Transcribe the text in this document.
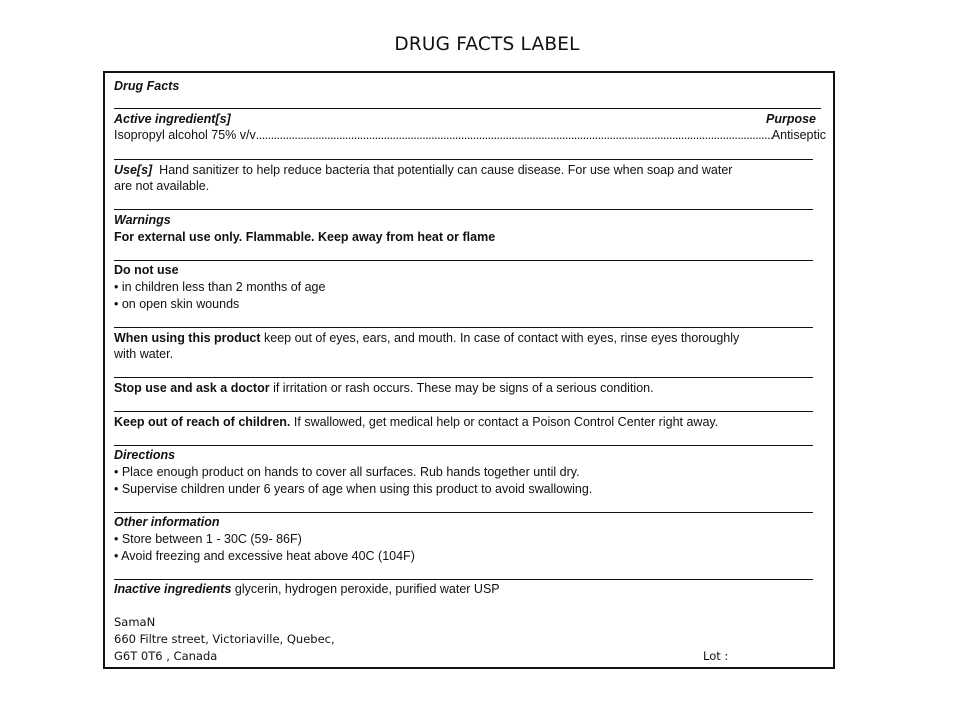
DRUG FACTS LABEL
Drug Facts
Active ingredient[s]	Purpose
Isopropyl alcohol 75% v/v
.....	Antiseptic
Use[s] Hand sanitizer to help reduce bacteria that potentially can cause disease. For use when soap and water
are not available.
Warnings
For external use only. Flammable. Keep away from heat or flame
Do not use
• in children less than 2 months of age
• on open skin wounds
When using this product keep out of eyes, ears, and mouth. In case of contact with eyes, rinse eyes thoroughly
with water.
Stop use and ask a doctor if irritation or rash occurs. These may be signs of a serious condition.
Keep out of reach of children. If swallowed, get medical help or contact a Poison Control Center right away.
Directions
• Place enough product on hands to cover all surfaces. Rub hands together until dry.
• Supervise children under 6 years of age when using this product to avoid swallowing.
Other information
• Store between 1 - 30C (59- 86F)
• Avoid freezing and excessive heat above 40C (104F)
Inactive ingredients glycerin, hydrogen peroxide, purified water USP
SamaN
660 Filtre street, Victoriaville, Quebec,
G6T 0T6 , Canada	Lot :
